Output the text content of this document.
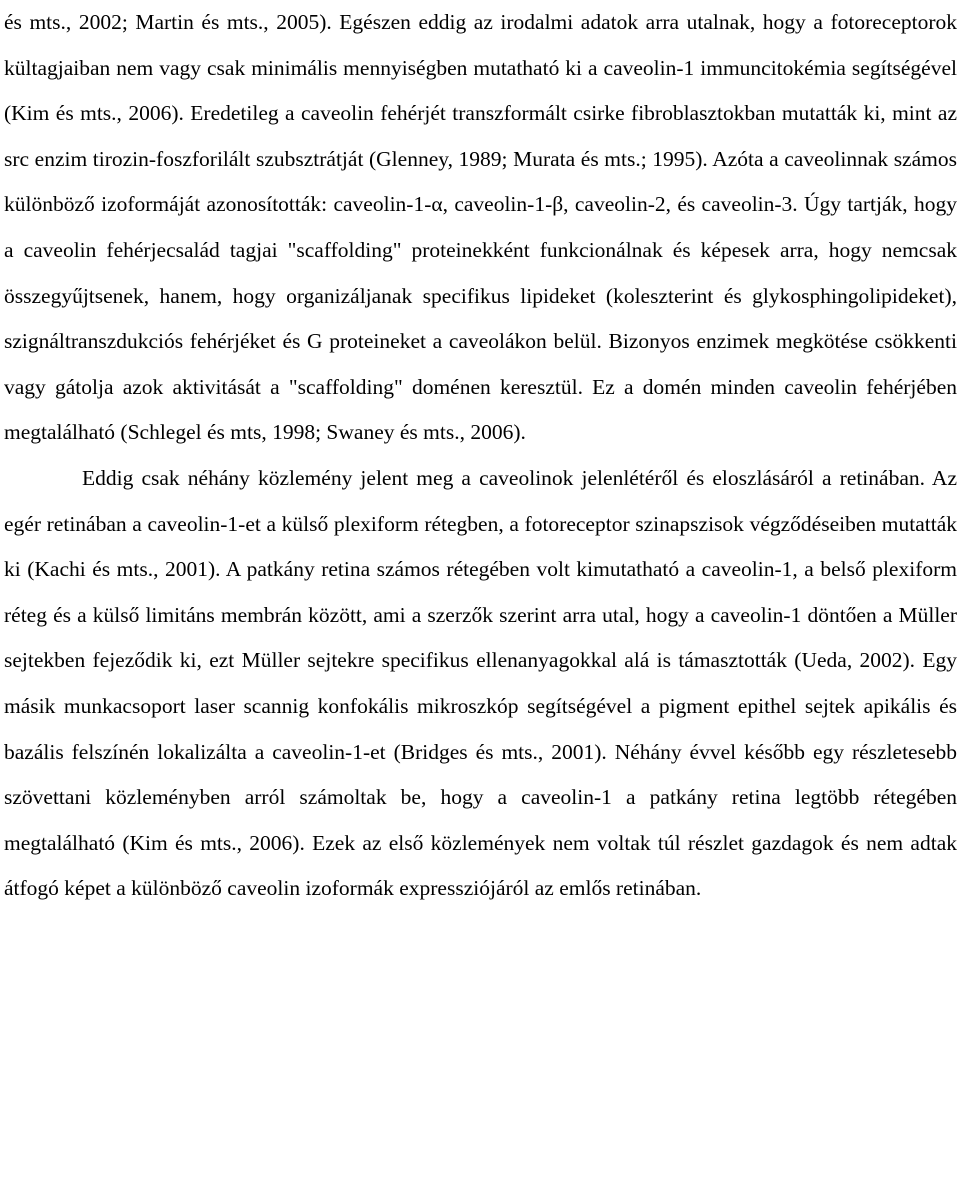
és mts., 2002; Martin és mts., 2005). Egészen eddig az irodalmi adatok arra utalnak, hogy a fotoreceptorok kültagjaiban nem vagy csak minimális mennyiségben mutatható ki a caveolin-1 immuncitokémia segítségével (Kim és mts., 2006). Eredetileg a caveolin fehérjét transzformált csirke fibroblasztokban mutatták ki, mint az src enzim tirozin-foszforilált szubsztrátját (Glenney, 1989; Murata és mts.; 1995). Azóta a caveolinnak számos különböző izoformáját azonosították: caveolin-1-α, caveolin-1-β, caveolin-2, és caveolin-3. Úgy tartják, hogy a caveolin fehérjecsalád tagjai "scaffolding" proteinekként funkcionálnak és képesek arra, hogy nemcsak összegyűjtsenek, hanem, hogy organizáljanak specifikus lipideket (koleszterint és glykosphingolipideket), szignáltranszdukciós fehérjéket és G proteineket a caveolákon belül. Bizonyos enzimek megkötése csökkenti vagy gátolja azok aktivitását a "scaffolding" doménen keresztül. Ez a domén minden caveolin fehérjében megtalálható (Schlegel és mts, 1998; Swaney és mts., 2006).

Eddig csak néhány közlemény jelent meg a caveolinok jelenlétéről és eloszlásáról a retinában. Az egér retinában a caveolin-1-et a külső plexiform rétegben, a fotoreceptor szinapszisok végződéseiben mutatták ki (Kachi és mts., 2001). A patkány retina számos rétegében volt kimutatható a caveolin-1, a belső plexiform réteg és a külső limitáns membrán között, ami a szerzők szerint arra utal, hogy a caveolin-1 döntően a Müller sejtekben fejeződik ki, ezt Müller sejtekre specifikus ellenanyagokkal alá is támasztották (Ueda, 2002). Egy másik munkacsoport laser scannig konfokális mikroszkóp segítségével a pigment epithel sejtek apikális és bazális felszínén lokalizálta a caveolin-1-et (Bridges és mts., 2001). Néhány évvel később egy részletesebb szövettani közleményben arról számoltak be, hogy a caveolin-1 a patkány retina legtöbb rétegében megtalálható (Kim és mts., 2006). Ezek az első közlemények nem voltak túl részlet gazdagok és nem adtak átfogó képet a különböző caveolin izoformák expressziójáról az emlős retinában.
